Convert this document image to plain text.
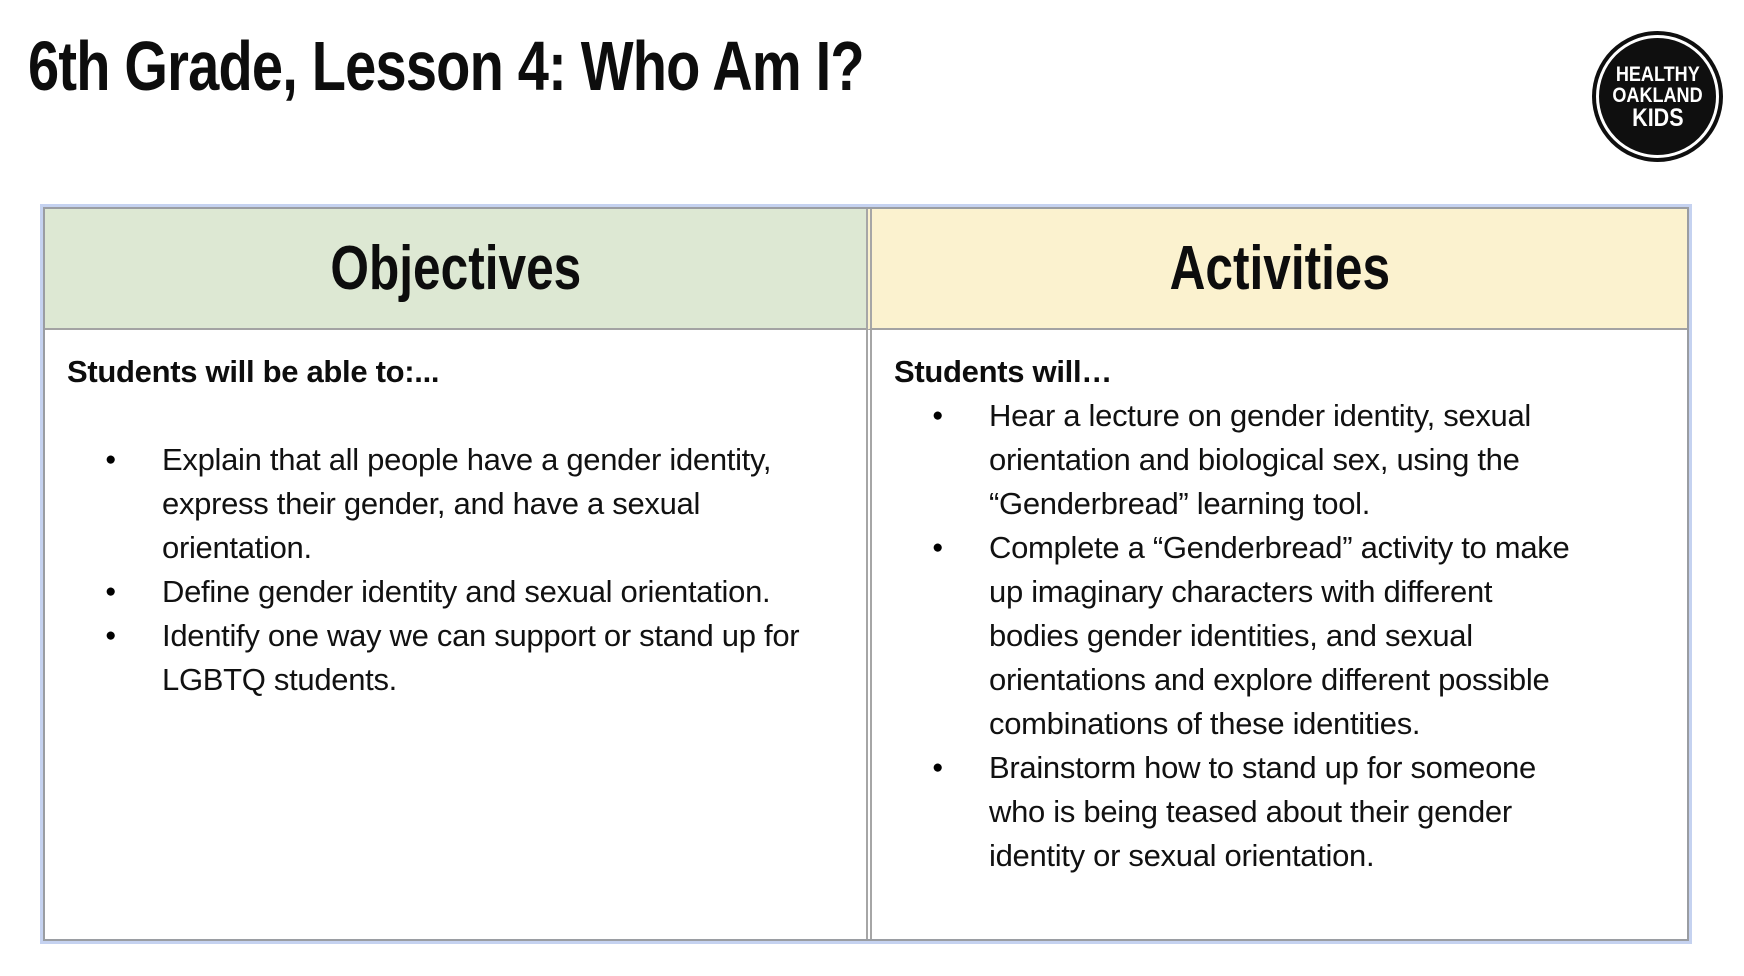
6th Grade, Lesson 4: Who Am I?	HEALTHY
OAKLAND
KIDS
Objectives	Activities

Students will be able to:...

●	Explain that all people have a gender identity, express their gender, and have a sexual orientation.
●	Define gender identity and sexual orientation.
●	Identify one way we can support or stand up for LGBTQ students.

Students will…

●	Hear a lecture on gender identity, sexual orientation and biological sex, using the “Genderbread” learning tool.
●	Complete a “Genderbread” activity to make up imaginary characters with different bodies gender identities, and sexual orientations and explore different possible combinations of these identities.
●	Brainstorm how to stand up for someone who is being teased about their gender identity or sexual orientation.
